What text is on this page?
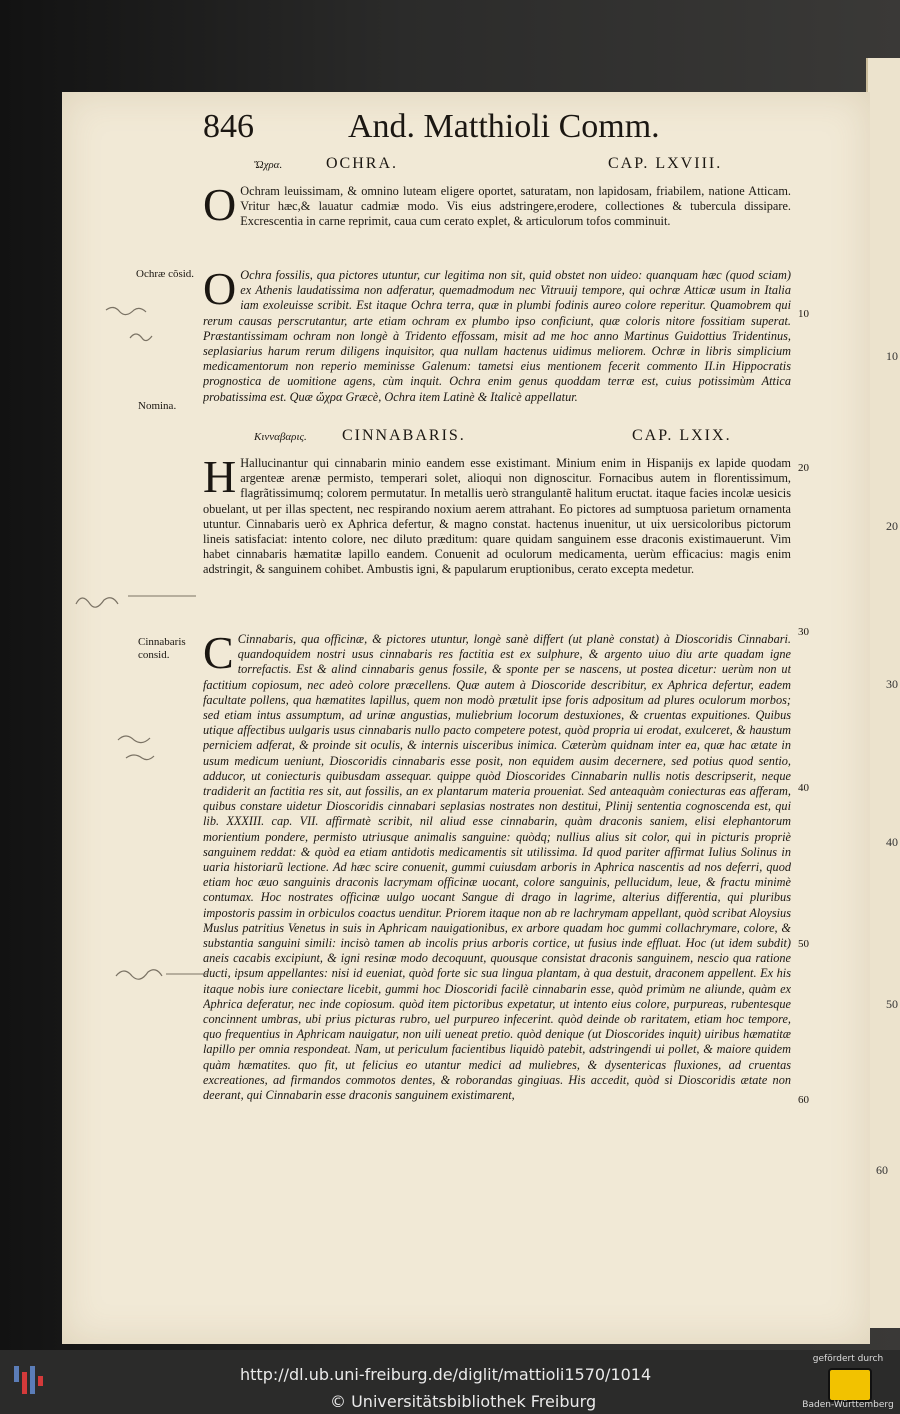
10
20
30
40
50
60
846	And. Matthioli Comm.
Ὤχρα.	OCHRA.	CAP. LXVIII.
O Ochram leuissimam, & omnino luteam eligere oportet, saturatam, non lapidosam, friabilem, natione Atticam. Vritur hæc,& lauatur cadmiæ modo. Vis eius adstringere,erodere, collectiones & tubercula dissipare. Excrescentia in carne reprimit, caua cum cerato explet, & articulorum tofos comminuit.
Ochræ cõsid. O Ochra fossilis, qua pictores utuntur, cur legitima non sit, quid obstet non uideo: quanquam hæc (quod sciam) ex Athenis laudatissima non adferatur, quemadmodum nec Vitruuij tempore, qui ochræ Atticæ usum in Italia iam exoleuisse scribit. Est itaque Ochra terra, quæ in plumbi fodinis aureo colore reperitur. Quamobrem qui rerum causas perscrutantur, arte etiam ochram ex plumbo ipso conficiunt, quæ coloris nitore fossitiam superat. Præstantissimam ochram non longè à Tridento effossam, misit ad me hoc anno Martinus Guidottius Tridentinus, seplasiarius harum rerum diligens inquisitor, qua nullam hactenus uidimus meliorem. Ochræ in libris simplicium medicamentorum non reperio meminisse Galenum: tametsi eius mentionem fecerit commento II.in Hippocratis prognostica de uomitione agens, cùm inquit. Ochra enim genus quoddam terræ est, cuius potissimùm Attica probatissima est. Quæ ὤχρα Græcè, Ochra item Latinè & Italicè appellatur.
Nomina.
Κινναβαρις. CINNABARIS.	CAP. LXIX.
H Hallucinantur qui cinnabarin minio eandem esse existimant. Minium enim in Hispanijs ex lapide quodam argenteæ arenæ permisto, temperari solet, alioqui non dignoscitur. Fornacibus autem in florentissimum, flagrãtissimumq; colorem permutatur. In metallis uerò strangulantẽ halitum eructat. itaque facies incolæ uesicis obuelant, ut per illas spectent, nec respirando noxium aerem attrahant. Eo pictores ad sumptuosa parietum ornamenta utuntur. Cinnabaris uerò ex Aphrica defertur, & magno constat. hactenus inuenitur, ut uix uersicoloribus pictorum lineis satisfaciat: intento colore, nec diluto præditum: quare quidam sanguinem esse draconis existimauerunt. Vim habet cinnabaris hæmatitæ lapillo eandem. Conuenit ad oculorum medicamenta, uerùm efficacius: magis enim adstringit, & sanguinem cohibet. Ambustis igni, & papularum eruptionibus, cerato excepta medetur.
Cinnabaris consid. C Cinnabaris, qua officinæ, & pictores utuntur, longè sanè differt (ut planè constat) à Dioscoridis Cinnabari. quandoquidem nostri usus cinnabaris res factitia est ex sulphure, & argento uiuo diu arte quadam igne torrefactis. Est & alind cinnabaris genus fossile, & sponte per se nascens, ut postea dicetur: uerùm non ut factitium copiosum, nec adeò colore præcellens. Quæ autem à Dioscoride describitur, ex Aphrica defertur, eadem facultate pollens, qua hæmatites lapillus, quem non modò prætulit ipse foris adpositum ad plures oculorum morbos; sed etiam intus assumptum, ad urinæ angustias, muliebrium locorum destuxiones, & cruentas expuitiones. Quibus utique affectibus uulgaris usus cinnabaris nullo pacto competere potest, quòd propria ui erodat, exulceret, & haustum perniciem adferat, & proinde sit oculis, & internis uisceribus inimica. Cæterùm quidnam inter ea, quæ hac ætate in usum medicum ueniunt, Dioscoridis cinnabaris esse posit, non equidem ausim decernere, sed potius quod sentio, adducor, ut coniecturis quibusdam assequar. quippe quòd Dioscorides Cinnabarin nullis notis descripserit, neque tradiderit an factitia res sit, aut fossilis, an ex plantarum materia proueniat. Sed anteaquàm coniecturas eas afferam, quibus constare uidetur Dioscoridis cinnabari seplasias nostrates non destitui, Plinij sententia cognoscenda est, qui lib. XXXIII. cap. VII. affirmatè scribit, nil aliud esse cinnabarin, quàm draconis saniem, elisi elephantorum morientium pondere, permisto utriusque animalis sanguine: quòdq; nullius alius sit color, qui in picturis propriè sanguinem reddat: & quòd ea etiam antidotis medicamentis sit utilissima. Id quod pariter affirmat Iulius Solinus in uaria historiarũ lectione. Ad hæc scire conuenit, gummi cuiusdam arboris in Aphrica nascentis ad nos deferri, quod etiam hoc æuo sanguinis draconis lacrymam officinæ uocant, colore sanguinis, pellucidum, leue, & fractu minimè contumax. Hoc nostrates officinæ uulgo uocant Sangue di drago in lagrime, alterius differentia, qui pluribus impostoris passim in orbiculos coactus uenditur. Priorem itaque non ab re lachrymam appellant, quòd scribat Aloysius Muslus patritius Venetus in suis in Aphricam nauigationibus, ex arbore quadam hoc gummi collachrymare, colore, & substantia sanguini simili: incisò tamen ab incolis prius arboris cortice, ut fusius inde effluat. Hoc (ut idem subdit) aneis cacabis excipiunt, & igni resinæ modo decoquunt, quousque consistat draconis sanguinem, nescio qua ratione ducti, ipsum appellantes: nisi id eueniat, quòd forte sic sua lingua plantam, à qua destuit, draconem appellent. Ex his itaque nobis iure coniectare licebit, gummi hoc Dioscoridi facilè cinnabarin esse, quòd primùm ne aliunde, quàm ex Aphrica deferatur, nec inde copiosum. quòd item pictoribus expetatur, ut intento eius colore, purpureas, rubentesque concinnent umbras, ubi prius picturas rubro, uel purpureo infecerint. quòd deinde ob raritatem, etiam hoc tempore, quo frequentius in Aphricam nauigatur, non uili ueneat pretio. quòd denique (ut Dioscorides inquit) uiribus hæmatitæ lapillo per omnia respondeat. Nam, ut periculum facientibus liquidò patebit, adstringendi ui pollet, & maiore quidem quàm hæmatites. quo fit, ut felicius eo utantur medici ad muliebres, & dysentericas fluxiones, ad cruentas excreationes, ad firmandos commotos dentes, & roborandas gingiuas. His accedit, quòd si Dioscoridis ætate non deerant, qui Cinnabarin esse draconis sanguinem existimarent,
10
20
30
40
50
60
http://dl.ub.uni-freiburg.de/diglit/mattioli1570/1014
© Universitätsbibliothek Freiburg
gefördert durch
Baden-Württemberg
